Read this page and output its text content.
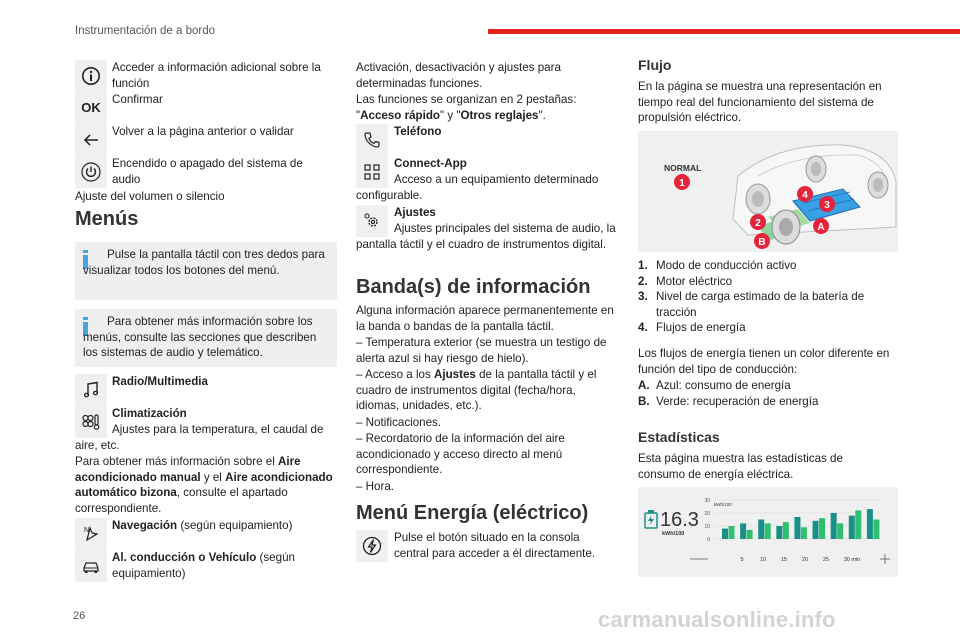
Instrumentación de a bordo
Acceder a información adicional sobre la función
OK
Confirmar
Volver a la página anterior o validar
Encendido o apagado del sistema de audio
Ajuste del volumen o silencio
Menús
Pulse la pantalla táctil con tres dedos para visualizar todos los botones del menú.
Para obtener más información sobre los menús, consulte las secciones que describen los sistemas de audio y telemático.
Radio/Multimedia
Climatización
Ajustes para la temperatura, el caudal de aire, etc.
Para obtener más información sobre el Aire acondicionado manual y el Aire acondicionado automático bizona, consulte el apartado correspondiente.
N Navegación (según equipamiento)
Al. conducción o Vehículo (según equipamiento)
Activación, desactivación y ajustes para determinadas funciones.
Las funciones se organizan en 2 pestañas: "Acceso rápido" y "Otros reglajes".
Teléfono
Connect-App
Acceso a un equipamiento determinado configurable.
Ajustes
Ajustes principales del sistema de audio, la pantalla táctil y el cuadro de instrumentos digital.
Banda(s) de información
Alguna información aparece permanentemente en la banda o bandas de la pantalla táctil.
– Temperatura exterior (se muestra un testigo de alerta azul si hay riesgo de hielo).
– Acceso a los Ajustes de la pantalla táctil y el cuadro de instrumentos digital (fecha/hora, idiomas, unidades, etc.).
– Notificaciones.
– Recordatorio de la información del aire acondicionado y acceso directo al menú correspondiente.
– Hora.
Menú Energía (eléctrico)
Pulse el botón situado en la consola central para acceder a él directamente.
Flujo
En la página se muestra una representación en tiempo real del funcionamiento del sistema de propulsión eléctrico.
NORMAL
1
4
3
2	A
B
1. Modo de conducción activo
2. Motor eléctrico
3. Nivel de carga estimado de la batería de tracción
4. Flujos de energía
Los flujos de energía tienen un color diferente en función del tipo de conducción:
A. Azul: consumo de energía
B. Verde: recuperación de energía
Estadísticas
Esta página muestra las estadísticas de consumo de energía eléctrica.
16.3
kWh/100
30
20
10
0
kWh/100
5	10	15	20	25	30 min
carmanualsonline.info
26
